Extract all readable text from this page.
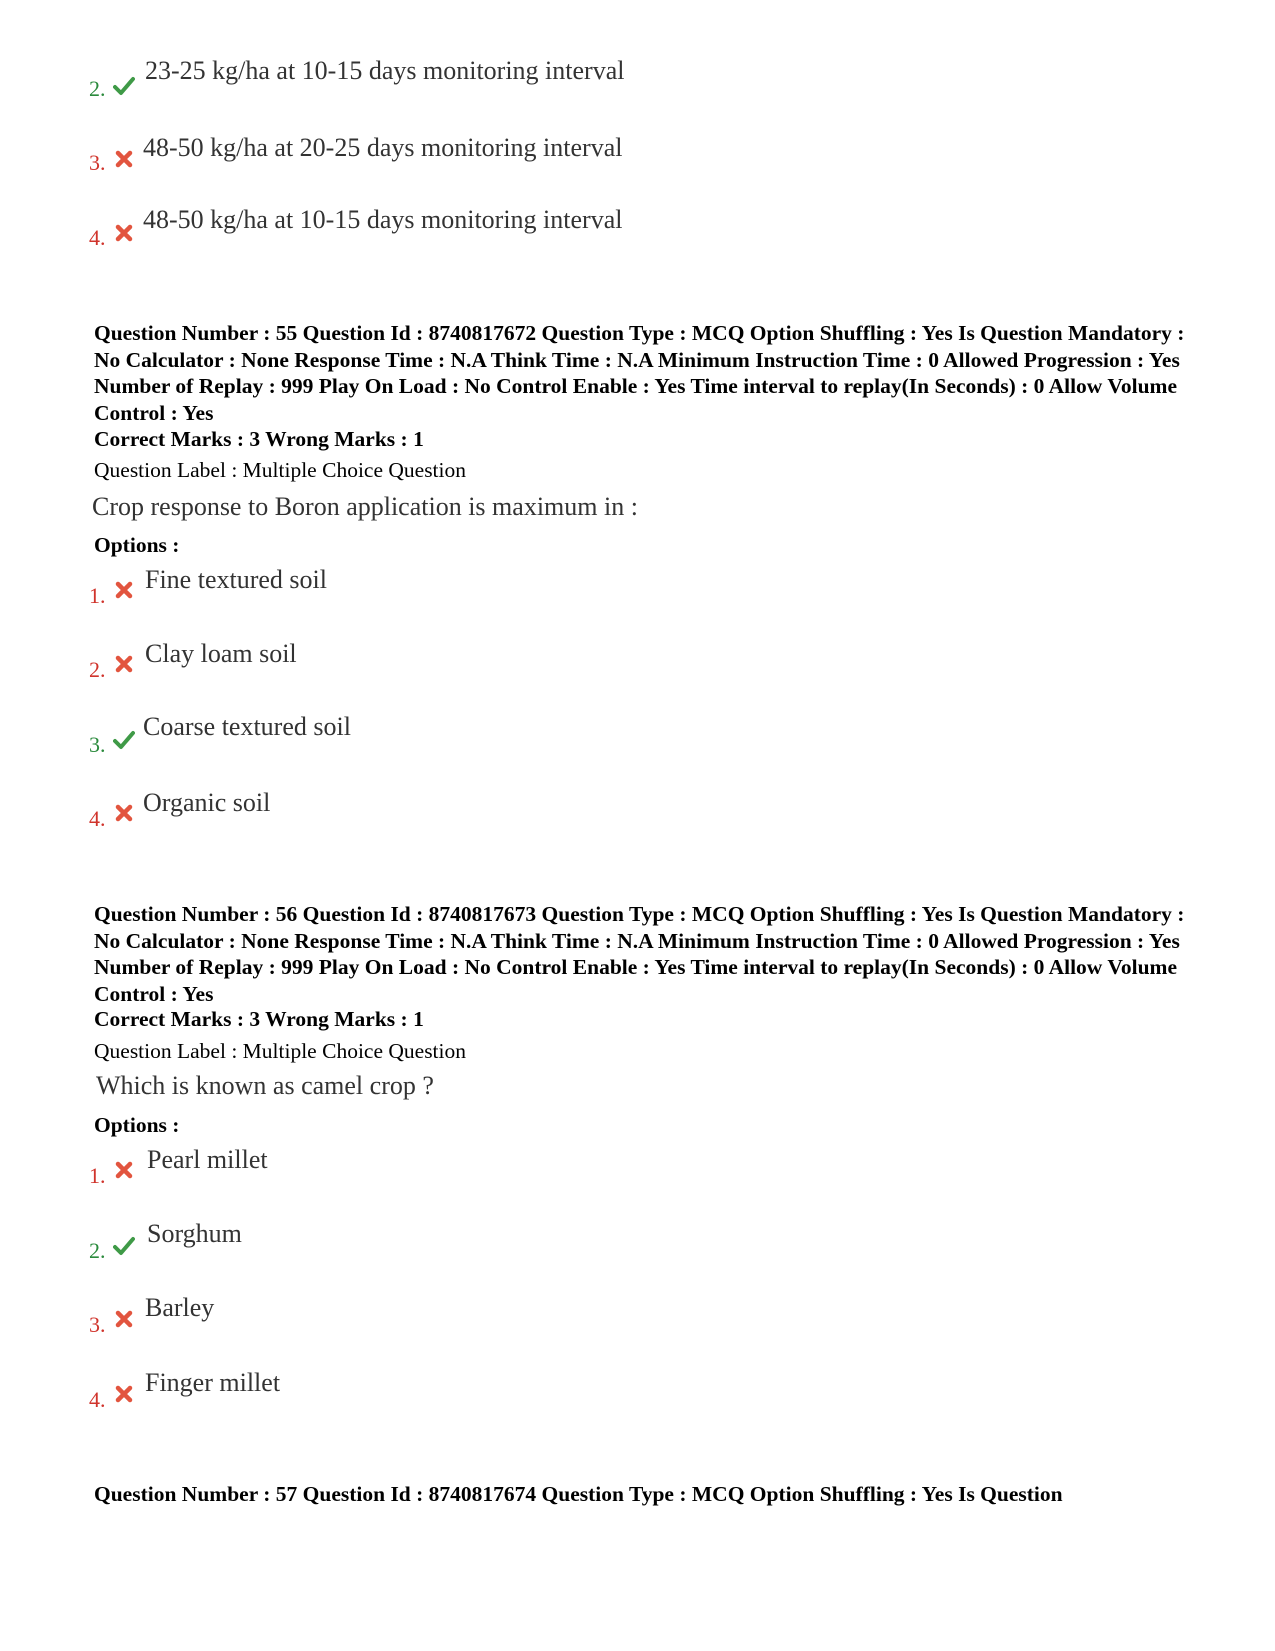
2.
23-25 kg/ha at 10-15 days monitoring interval
3.
48-50 kg/ha at 20-25 days monitoring interval
4.
48-50 kg/ha at 10-15 days monitoring interval
Question Number : 55 Question Id : 8740817672 Question Type : MCQ Option Shuffling : Yes Is Question Mandatory : No Calculator : None Response Time : N.A Think Time : N.A Minimum Instruction Time : 0 Allowed Progression : Yes Number of Replay : 999 Play On Load : No Control Enable : Yes Time interval to replay(In Seconds) : 0 Allow Volume Control : Yes
Correct Marks : 3 Wrong Marks : 1
Question Label : Multiple Choice Question
Crop response to Boron application is maximum in :
Options :
1.
Fine textured soil
2.
Clay loam soil
3.
Coarse textured soil
4.
Organic soil
Question Number : 56 Question Id : 8740817673 Question Type : MCQ Option Shuffling : Yes Is Question Mandatory : No Calculator : None Response Time : N.A Think Time : N.A Minimum Instruction Time : 0 Allowed Progression : Yes Number of Replay : 999 Play On Load : No Control Enable : Yes Time interval to replay(In Seconds) : 0 Allow Volume Control : Yes
Correct Marks : 3 Wrong Marks : 1
Question Label : Multiple Choice Question
Which is known as camel crop ?
Options :
1.
Pearl millet
2.
Sorghum
3.
Barley
4.
Finger millet
Question Number : 57 Question Id : 8740817674 Question Type : MCQ Option Shuffling : Yes Is Question
